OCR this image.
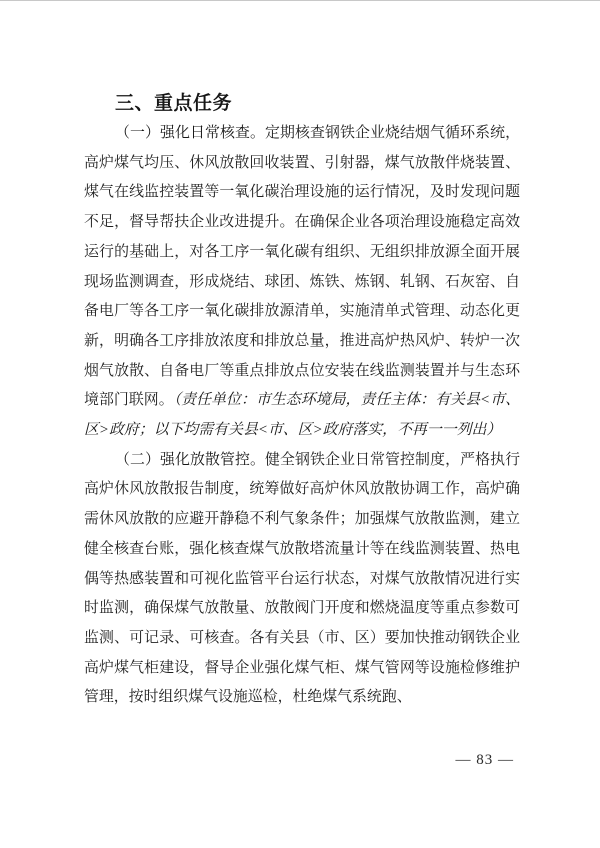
三、重点任务

（一）强化日常核查。定期核查钢铁企业烧结烟气循环系统，高炉煤气均压、休风放散回收装置、引射器，煤气放散伴烧装置、煤气在线监控装置等一氧化碳治理设施的运行情况，及时发现问题不足，督导帮扶企业改进提升。在确保企业各项治理设施稳定高效运行的基础上，对各工序一氧化碳有组织、无组织排放源全面开展现场监测调查，形成烧结、球团、炼铁、炼钢、轧钢、石灰窑、自备电厂等各工序一氧化碳排放源清单，实施清单式管理、动态化更新，明确各工序排放浓度和排放总量，推进高炉热风炉、转炉一次烟气放散、自备电厂等重点排放点位安装在线监测装置并与生态环境部门联网。（责任单位：市生态环境局，责任主体：有关县<市、区>政府；以下均需有关县<市、区>政府落实，不再一一列出）

（二）强化放散管控。健全钢铁企业日常管控制度，严格执行高炉休风放散报告制度，统筹做好高炉休风放散协调工作，高炉确需休风放散的应避开静稳不利气象条件；加强煤气放散监测，建立健全核查台账，强化核查煤气放散塔流量计等在线监测装置、热电偶等热感装置和可视化监管平台运行状态，对煤气放散情况进行实时监测，确保煤气放散量、放散阀门开度和燃烧温度等重点参数可监测、可记录、可核查。各有关县（市、区）要加快推动钢铁企业高炉煤气柜建设，督导企业强化煤气柜、煤气管网等设施检修维护管理，按时组织煤气设施巡检，杜绝煤气系统跑、

— 83 —
